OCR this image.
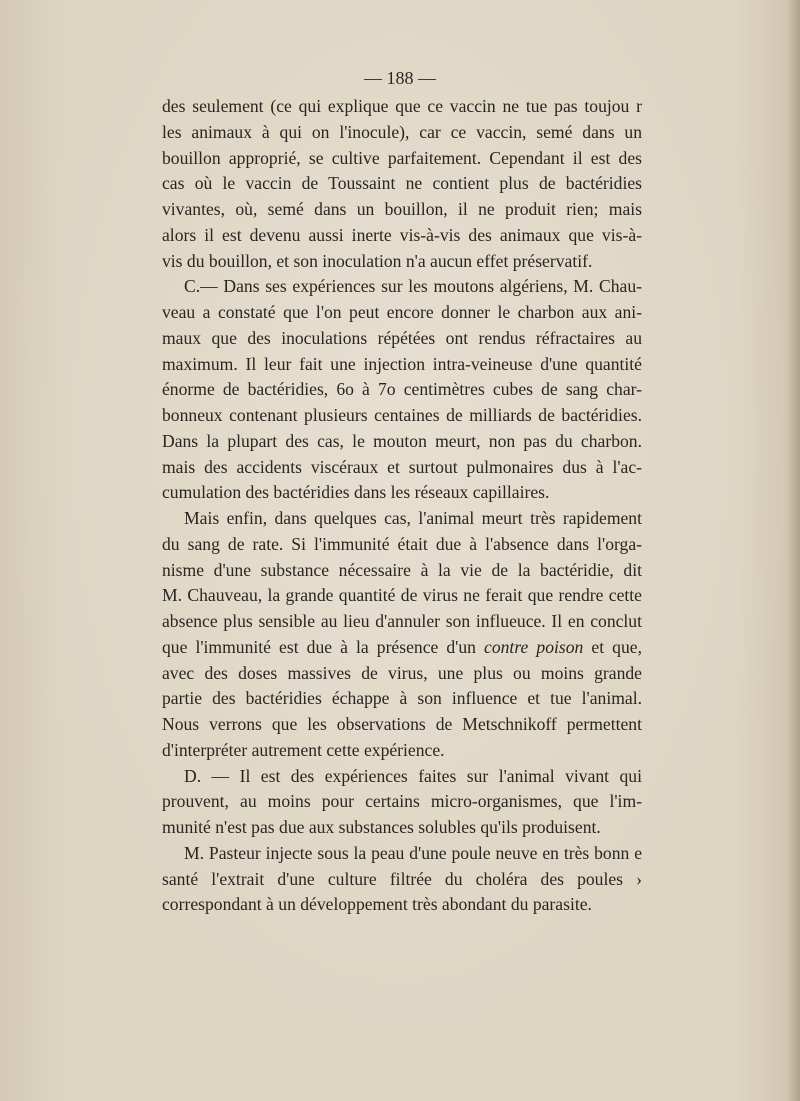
— 188 —
des seulement (ce qui explique que ce vaccin ne tue pas toujou r
les animaux à qui on l'inocule), car ce vaccin, semé dans un
bouillon approprié, se cultive parfaitement. Cependant il est des
cas où le vaccin de Toussaint ne contient plus de bactéridies
vivantes, où, semé dans un bouillon, il ne produit rien; mais
alors il est devenu aussi inerte vis-à-vis des animaux que vis-à-
vis du bouillon, et son inoculation n'a aucun effet préservatif.
C.— Dans ses expériences sur les moutons algériens, M. Chau-
veau a constaté que l'on peut encore donner le charbon aux ani-
maux que des inoculations répétées ont rendus réfractaires au
maximum. Il leur fait une injection intra-veineuse d'une quantité
énorme de bactéridies, 6o à 7o centimètres cubes de sang char-
bonneux contenant plusieurs centaines de milliards de bactéridies.
Dans la plupart des cas, le mouton meurt, non pas du charbon.
mais des accidents viscéraux et surtout pulmonaires dus à l'ac-
cumulation des bactéridies dans les réseaux capillaires.
Mais enfin, dans quelques cas, l'animal meurt très rapidement
du sang de rate. Si l'immunité était due à l'absence dans l'orga-
nisme d'une substance nécessaire à la vie de la bactéridie, dit
M. Chauveau, la grande quantité de virus ne ferait que rendre cette
absence plus sensible au lieu d'annuler son influeuce. Il en conclut
que l'immunité est due à la présence d'un contre poison et que,
avec des doses massives de virus, une plus ou moins grande
partie des bactéridies échappe à son influence et tue l'animal.
Nous verrons que les observations de Metschnikoff permettent
d'interpréter autrement cette expérience.
D. — Il est des expériences faites sur l'animal vivant qui
prouvent, au moins pour certains micro-organismes, que l'im-
munité n'est pas due aux substances solubles qu'ils produisent.
M. Pasteur injecte sous la peau d'une poule neuve en très bonn e
santé l'extrait d'une culture filtrée du choléra des poules ›
correspondant à un développement très abondant du parasite.
